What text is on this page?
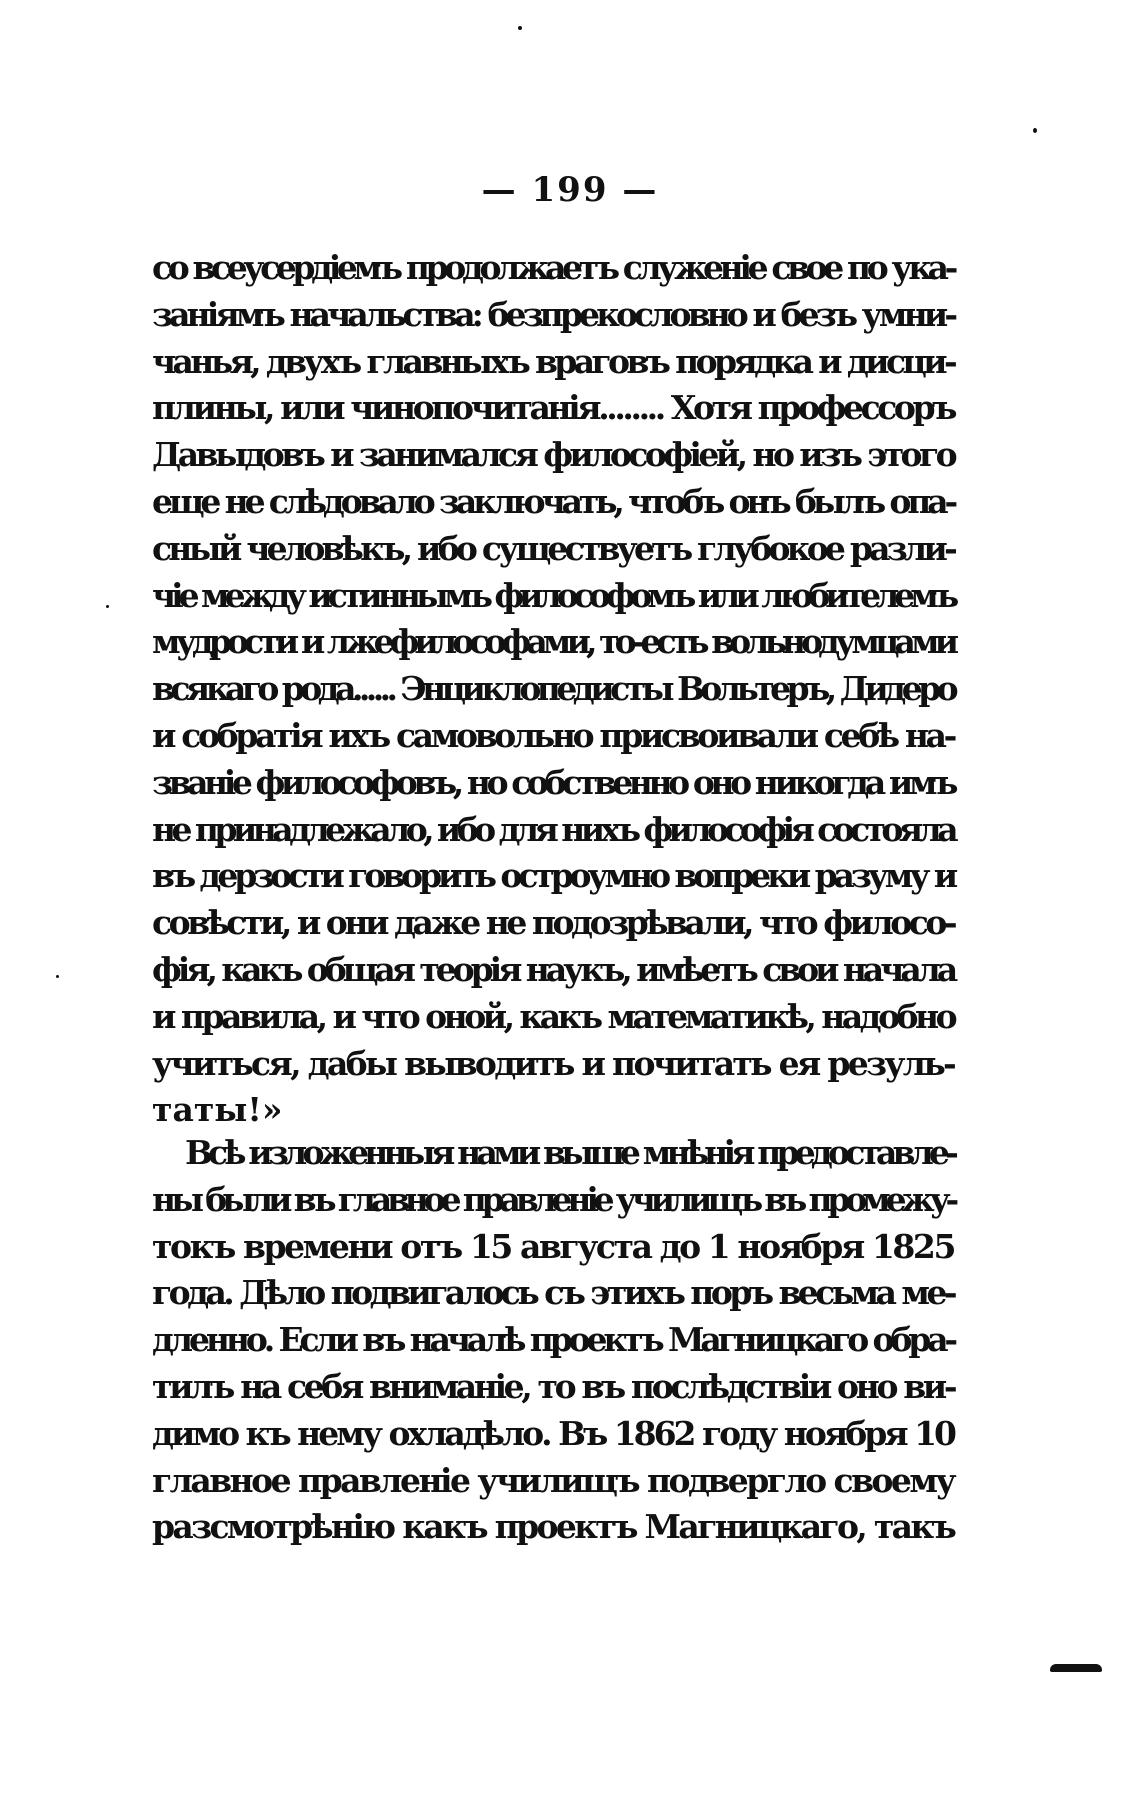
— 199 —
со всеусердіемъ продолжаетъ служеніе свое по ука-
заніямъ начальства: безпрекословно и безъ умни-
чанья, двухъ главныхъ враговъ порядка и дисци-
плины, или чинопочитанія........ Хотя профессоръ
Давыдовъ и занимался философіей, но изъ этого
еще не слѣдовало заключать, чтобъ онъ былъ опа-
сный человѣкъ, ибо существуетъ глубокое разли-
чіе между истиннымъ философомъ или любителемъ
мудрости и лжефилософами, то-есть вольнодумцами
всякаго рода...... Энциклопедисты Вольтеръ, Дидеро
и собратія ихъ самовольно присвоивали себѣ на-
званіе философовъ, но собственно оно никогда имъ
не принадлежало, ибо для нихъ философія состояла
въ дерзости говорить остроумно вопреки разуму и
совѣсти, и они даже не подозрѣвали, что филосо-
фія, какъ общая теорія наукъ, имѣетъ свои начала
и правила, и что оной, какъ математикѣ, надобно
учиться, дабы выводить и почитать ея резуль-
таты!»
Всѣ изложенныя нами выше мнѣнія предоставле-
ны были въ главное правленіе училищъ въ промежу-
токъ времени отъ 15 августа до 1 ноября 1825
года. Дѣло подвигалось съ этихъ поръ весьма ме-
дленно. Если въ началѣ проектъ Магницкаго обра-
тилъ на себя вниманіе, то въ послѣдствіи оно ви-
димо къ нему охладѣло. Въ 1862 году ноября 10
главное правленіе училищъ подвергло своему
разсмотрѣнію какъ проектъ Магницкаго, такъ
